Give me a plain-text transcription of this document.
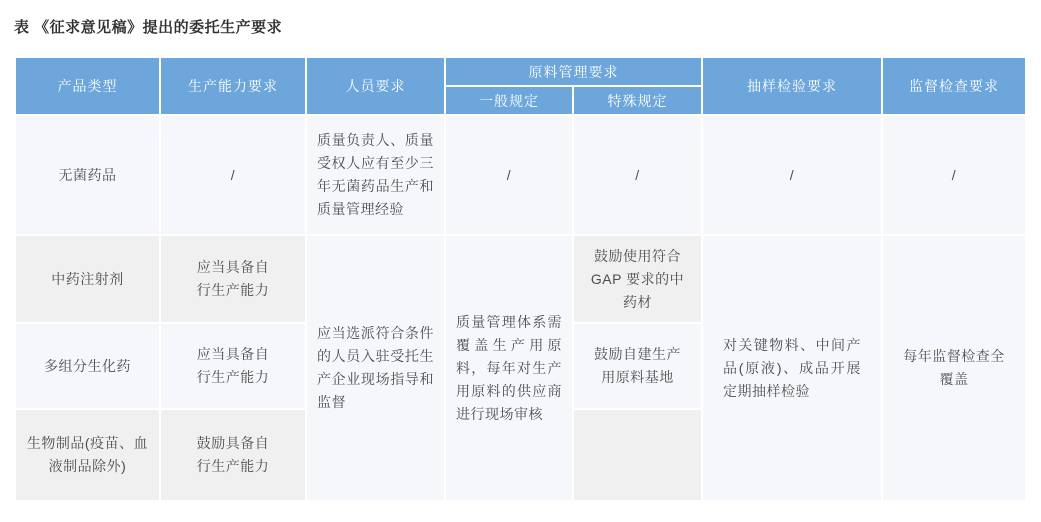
表 《征求意见稿》提出的委托生产要求
产品类型	生产能力要求	人员要求	原料管理要求		抽样检验要求	监督检查要求
			一般规定	特殊规定		
无菌药品	/	质量负责人、质量受权人应有至少三年无菌药品生产和质量管理经验	/	/	/	/
中药注射剂	应当具备自行生产能力	应当选派符合条件的人员入驻受托生产企业现场指导和监督	质量管理体系需覆盖生产用原料，每年对生产用原料的供应商进行现场审核	鼓励使用符合 GAP 要求的中药材	对关键物料、中间产品(原液)、成品开展定期抽样检验	每年监督检查全覆盖
多组分生化药	应当具备自行生产能力			鼓励自建生产用原料基地		
生物制品(疫苗、血液制品除外)	鼓励具备自行生产能力					
